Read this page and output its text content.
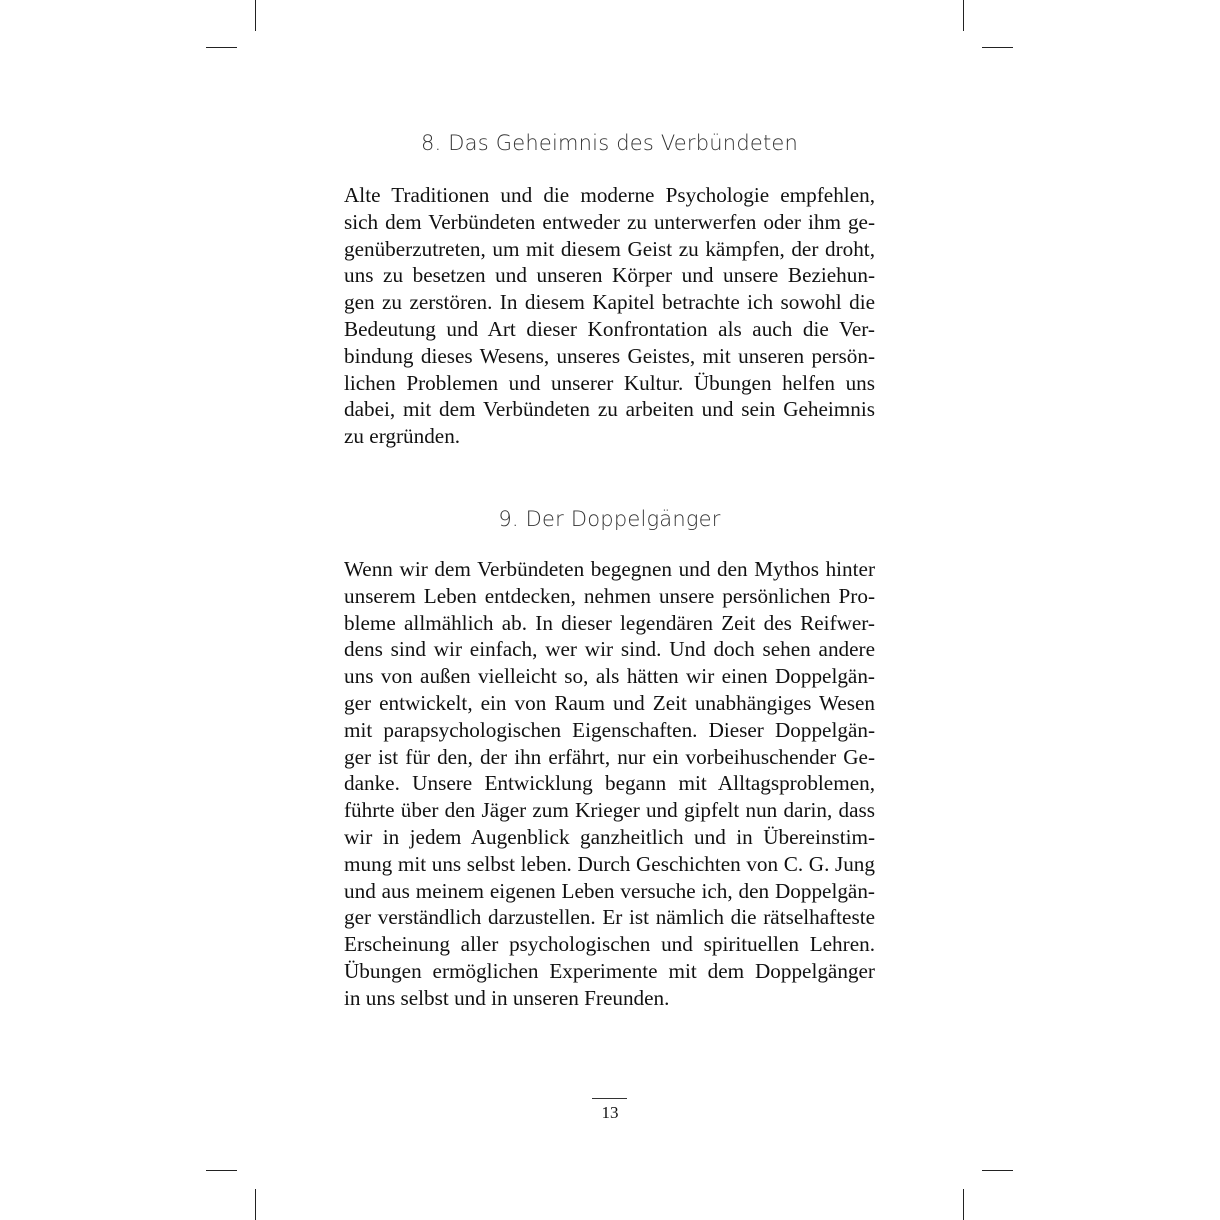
8. Das Geheimnis des Verbündeten

Alte Traditionen und die moderne Psychologie empfehlen,
sich dem Verbündeten entweder zu unterwerfen oder ihm ge-
genüberzutreten, um mit diesem Geist zu kämpfen, der droht,
uns zu besetzen und unseren Körper und unsere Beziehun-
gen zu zerstören. In diesem Kapitel betrachte ich sowohl die
Bedeutung und Art dieser Konfrontation als auch die Ver-
bindung dieses Wesens, unseres Geistes, mit unseren persön-
lichen Problemen und unserer Kultur. Übungen helfen uns
dabei, mit dem Verbündeten zu arbeiten und sein Geheimnis
zu ergründen.

9. Der Doppelgänger

Wenn wir dem Verbündeten begegnen und den Mythos hinter
unserem Leben entdecken, nehmen unsere persönlichen Pro-
bleme allmählich ab. In dieser legendären Zeit des Reifwer-
dens sind wir einfach, wer wir sind. Und doch sehen andere
uns von außen vielleicht so, als hätten wir einen Doppelgän-
ger entwickelt, ein von Raum und Zeit unabhängiges Wesen
mit parapsychologischen Eigenschaften. Dieser Doppelgän-
ger ist für den, der ihn erfährt, nur ein vorbeihuschender Ge-
danke. Unsere Entwicklung begann mit Alltagsproblemen,
führte über den Jäger zum Krieger und gipfelt nun darin, dass
wir in jedem Augenblick ganzheitlich und in Übereinstim-
mung mit uns selbst leben. Durch Geschichten von C. G. Jung
und aus meinem eigenen Leben versuche ich, den Doppelgän-
ger verständlich darzustellen. Er ist nämlich die rätselhafteste
Erscheinung aller psychologischen und spirituellen Lehren.
Übungen ermöglichen Experimente mit dem Doppelgänger
in uns selbst und in unseren Freunden.

13
